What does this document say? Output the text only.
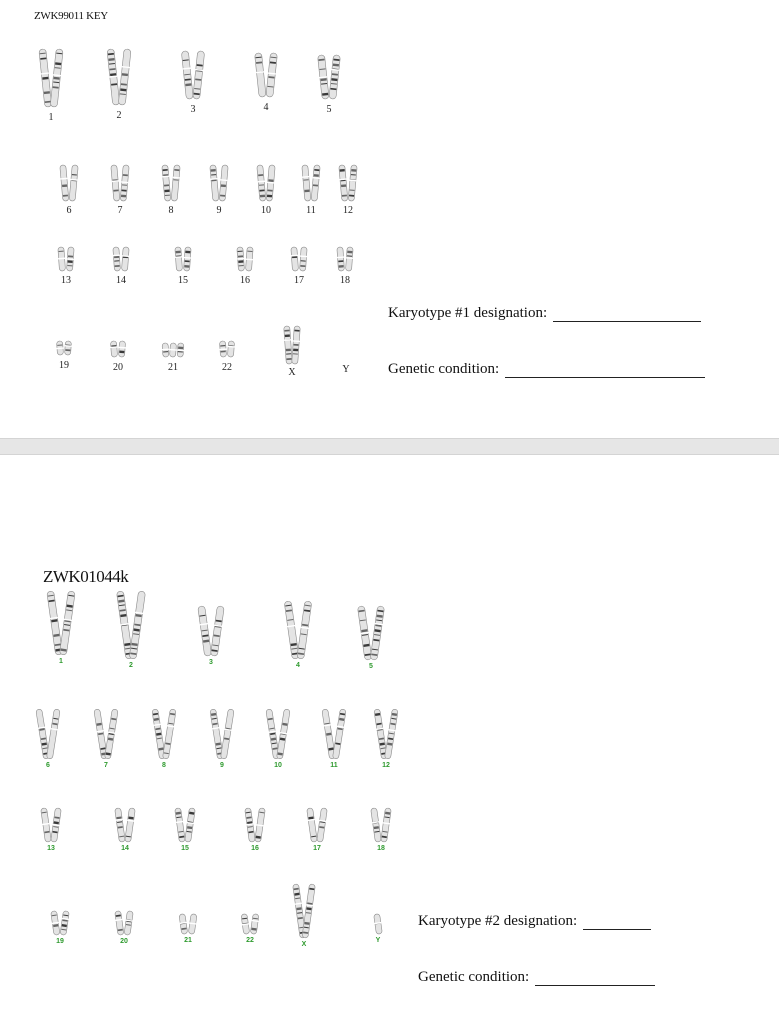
ZWK99011 KEY
1	2
3	4	5
6	7	8	9	10	11	12
13	14	15	16	17	18
19	20	21	22	X	Y
Karyotype #1 designation:
Genetic condition:
ZWK01044k
1
2	3	4	5
6	7	8	9	10	11	12
13	14	15	16	17	18
19	20	21	22
X
Y
Karyotype #2 designation:
Genetic condition:
